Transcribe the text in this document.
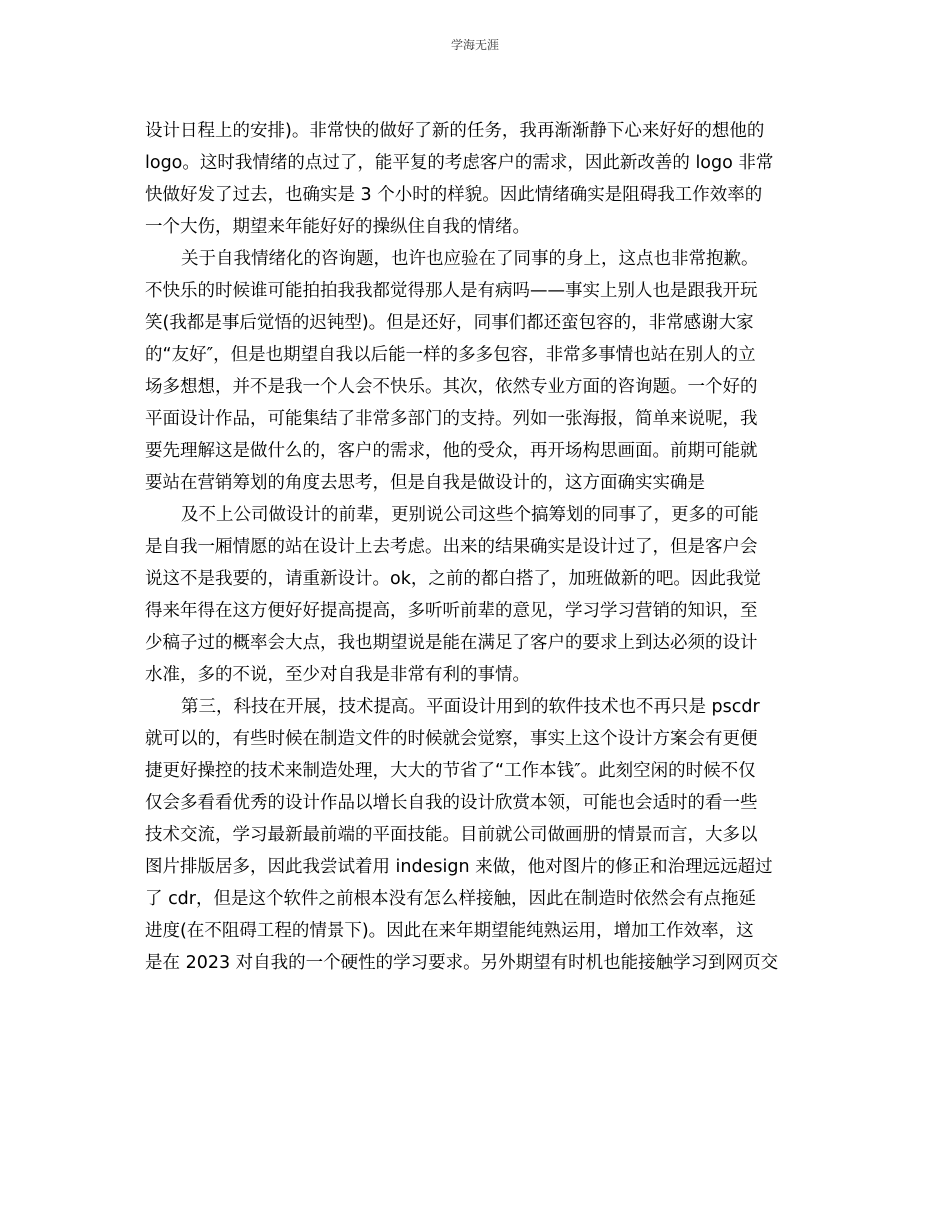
学海无涯
设计日程上的安排)。非常快的做好了新的任务，我再渐渐静下心来好好的想他的
logo。这时我情绪的点过了，能平复的考虑客户的需求，因此新改善的 logo 非常
快做好发了过去，也确实是 3 个小时的样貌。因此情绪确实是阻碍我工作效率的
一个大伤，期望来年能好好的操纵住自我的情绪。
关于自我情绪化的咨询题，也许也应验在了同事的身上，这点也非常抱歉。
不快乐的时候谁可能拍拍我我都觉得那人是有病吗——事实上别人也是跟我开玩
笑(我都是事后觉悟的迟钝型)。但是还好，同事们都还蛮包容的，非常感谢大家
的“友好″，但是也期望自我以后能一样的多多包容，非常多事情也站在别人的立
场多想想，并不是我一个人会不快乐。其次，依然专业方面的咨询题。一个好的
平面设计作品，可能集结了非常多部门的支持。列如一张海报，简单来说呢，我
要先理解这是做什么的，客户的需求，他的受众，再开场构思画面。前期可能就
要站在营销筹划的角度去思考，但是自我是做设计的，这方面确实实确是
及不上公司做设计的前辈，更别说公司这些个搞筹划的同事了，更多的可能
是自我一厢情愿的站在设计上去考虑。出来的结果确实是设计过了，但是客户会
说这不是我要的，请重新设计。ok，之前的都白搭了，加班做新的吧。因此我觉
得来年得在这方便好好提高提高，多听听前辈的意见，学习学习营销的知识，至
少稿子过的概率会大点，我也期望说是能在满足了客户的要求上到达必须的设计
水准，多的不说，至少对自我是非常有利的事情。
第三，科技在开展，技术提高。平面设计用到的软件技术也不再只是 pscdr
就可以的，有些时候在制造文件的时候就会觉察，事实上这个设计方案会有更便
捷更好操控的技术来制造处理，大大的节省了“工作本钱″。此刻空闲的时候不仅
仅会多看看优秀的设计作品以增长自我的设计欣赏本领，可能也会适时的看一些
技术交流，学习最新最前端的平面技能。目前就公司做画册的情景而言，大多以
图片排版居多，因此我尝试着用 indesign 来做，他对图片的修正和治理远远超过
了 cdr，但是这个软件之前根本没有怎么样接触，因此在制造时依然会有点拖延
进度(在不阻碍工程的情景下)。因此在来年期望能纯熟运用，增加工作效率，这
是在 2023 对自我的一个硬性的学习要求。另外期望有时机也能接触学习到网页交
